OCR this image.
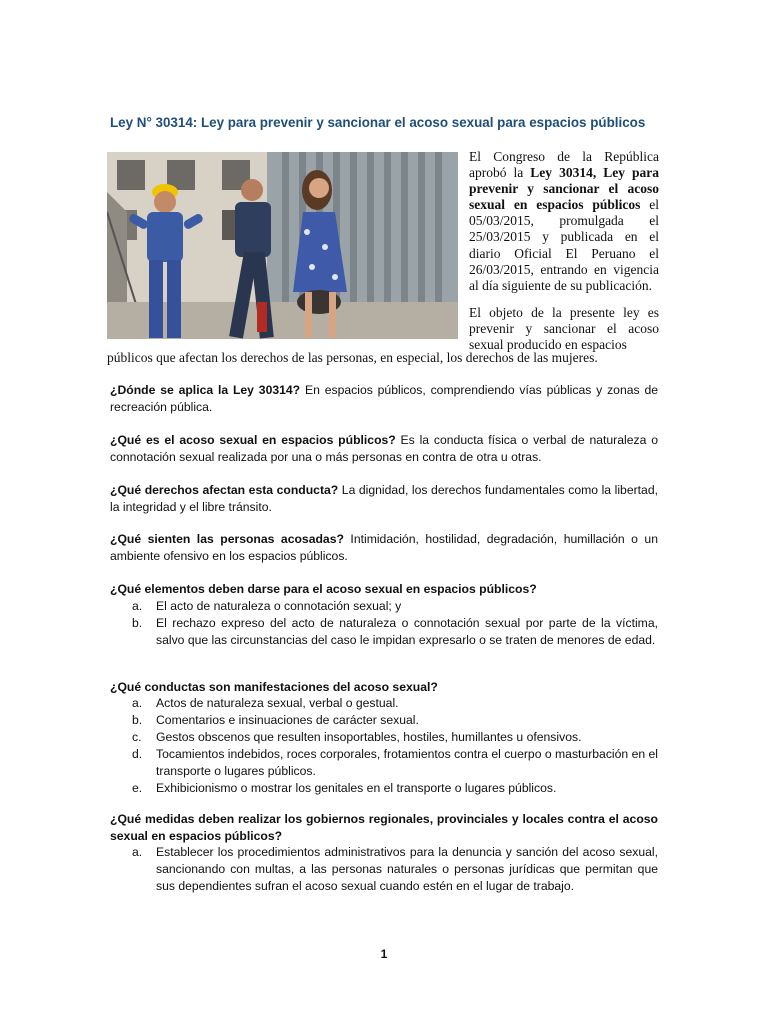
Ley N° 30314: Ley para prevenir y sancionar el acoso sexual para espacios públicos

El Congreso de la República aprobó la Ley 30314, Ley para prevenir y sancionar el acoso sexual en espacios públicos el 05/03/2015, promulgada el 25/03/2015 y publicada en el diario Oficial El Peruano el 26/03/2015, entrando en vigencia al día siguiente de su publicación.

El objeto de la presente ley es prevenir y sancionar el acoso sexual producido en espacios

públicos que afectan los derechos de las personas, en especial, los derechos de las mujeres.

¿Dónde se aplica la Ley 30314? En espacios públicos, comprendiendo vías públicas y zonas de recreación pública.

¿Qué es el acoso sexual en espacios públicos? Es la conducta física o verbal de naturaleza o connotación sexual realizada por una o más personas en contra de otra u otras.

¿Qué derechos afectan esta conducta? La dignidad, los derechos fundamentales como la libertad, la integridad y el libre tránsito.

¿Qué sienten las personas acosadas? Intimidación, hostilidad, degradación, humillación o un ambiente ofensivo en los espacios públicos.

¿Qué elementos deben darse para el acoso sexual en espacios públicos?

a. El acto de naturaleza o connotación sexual; y
b. El rechazo expreso del acto de naturaleza o connotación sexual por parte de la víctima, salvo que las circunstancias del caso le impidan expresarlo o se traten de menores de edad.

¿Qué conductas son manifestaciones del acoso sexual?

a. Actos de naturaleza sexual, verbal o gestual.
b. Comentarios e insinuaciones de carácter sexual.
c. Gestos obscenos que resulten insoportables, hostiles, humillantes u ofensivos.
d. Tocamientos indebidos, roces corporales, frotamientos contra el cuerpo o masturbación en el transporte o lugares públicos.
e. Exhibicionismo o mostrar los genitales en el transporte o lugares públicos.

¿Qué medidas deben realizar los gobiernos regionales, provinciales y locales contra el acoso sexual en espacios públicos?

a. Establecer los procedimientos administrativos para la denuncia y sanción del acoso sexual, sancionando con multas, a las personas naturales o personas jurídicas que permitan que sus dependientes sufran el acoso sexual cuando estén en el lugar de trabajo.
1
